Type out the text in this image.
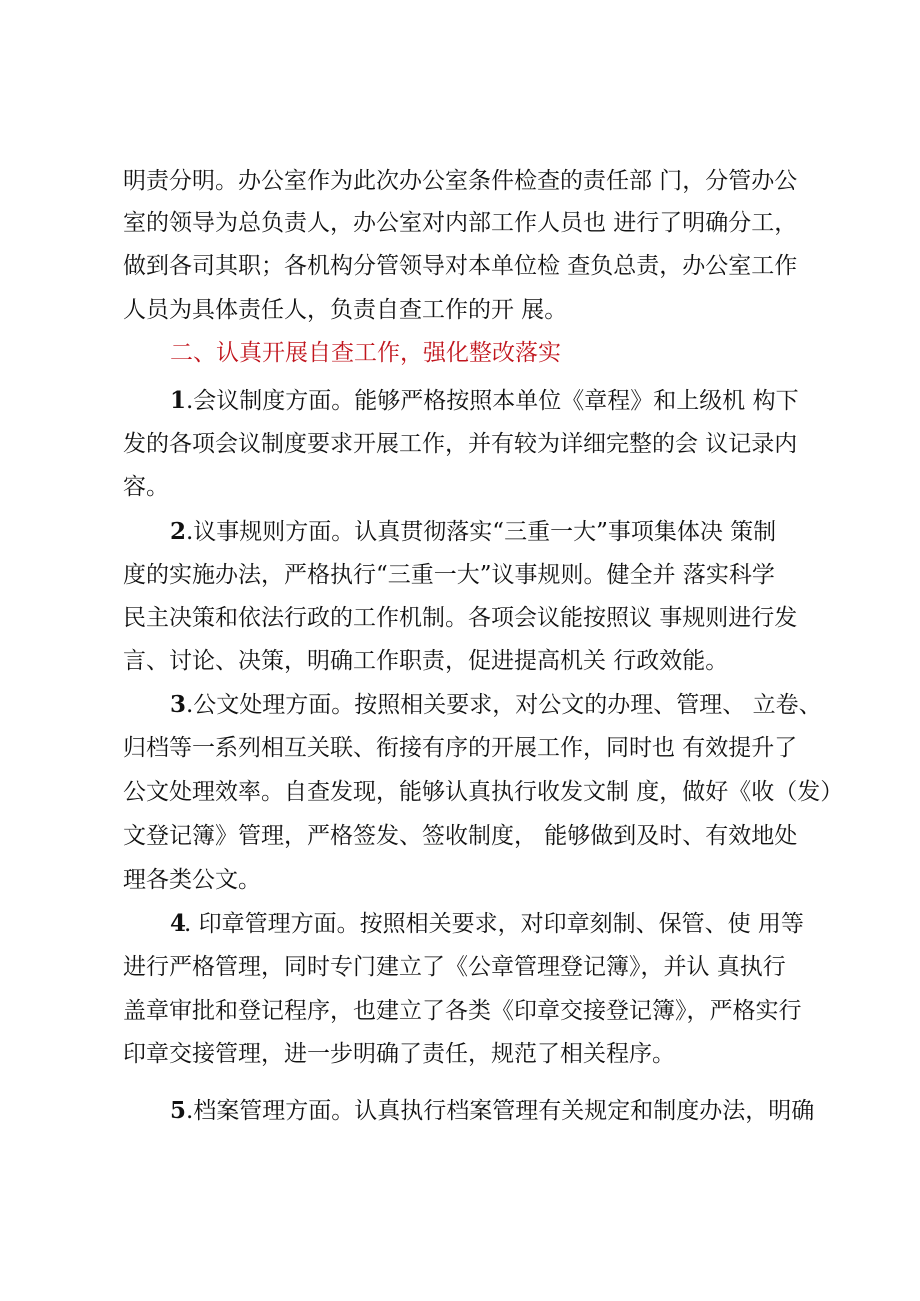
明责分明。办公室作为此次办公室条件检查的责任部 门，分管办公
室的领导为总负责人，办公室对内部工作人员也 进行了明确分工，
做到各司其职；各机构分管领导对本单位检 查负总责，办公室工作
人员为具体责任人，负责自查工作的开 展。
二、认真开展自查工作，强化整改落实
1 .会议制度方面。能够严格按照本单位《章程》和上级机 构下
发的各项会议制度要求开展工作，并有较为详细完整的会 议记录内
容。
2 .议事规则方面。认真贯彻落实“三重一大”事项集体决 策制
度的实施办法，严格执行“三重一大”议事规则。健全并 落实科学
民主决策和依法行政的工作机制。各项会议能按照议 事规则进行发
言、讨论、决策，明确工作职责，促进提高机关 行政效能。
3 .公文处理方面。按照相关要求，对公文的办理、管理、 立卷、
归档等一系列相互关联、衔接有序的开展工作，同时也 有效提升了
公文处理效率。自查发现，能够认真执行收发文制 度，做好《收（发）
文登记簿》管理，严格签发、签收制度， 能够做到及时、有效地处
理各类公文。
4
. 印章管理方面。按照相关要求，对印章刻制、保管、使 用等
进行严格管理，同时专门建立了《公章管理登记簿》，并认 真执行
盖章审批和登记程序，也建立了各类《印章交接登记簿》，严格实行
印章交接管理，进一步明确了责任，规范了相关程序。
5 .档案管理方面。认真执行档案管理有关规定和制度办法，明确
